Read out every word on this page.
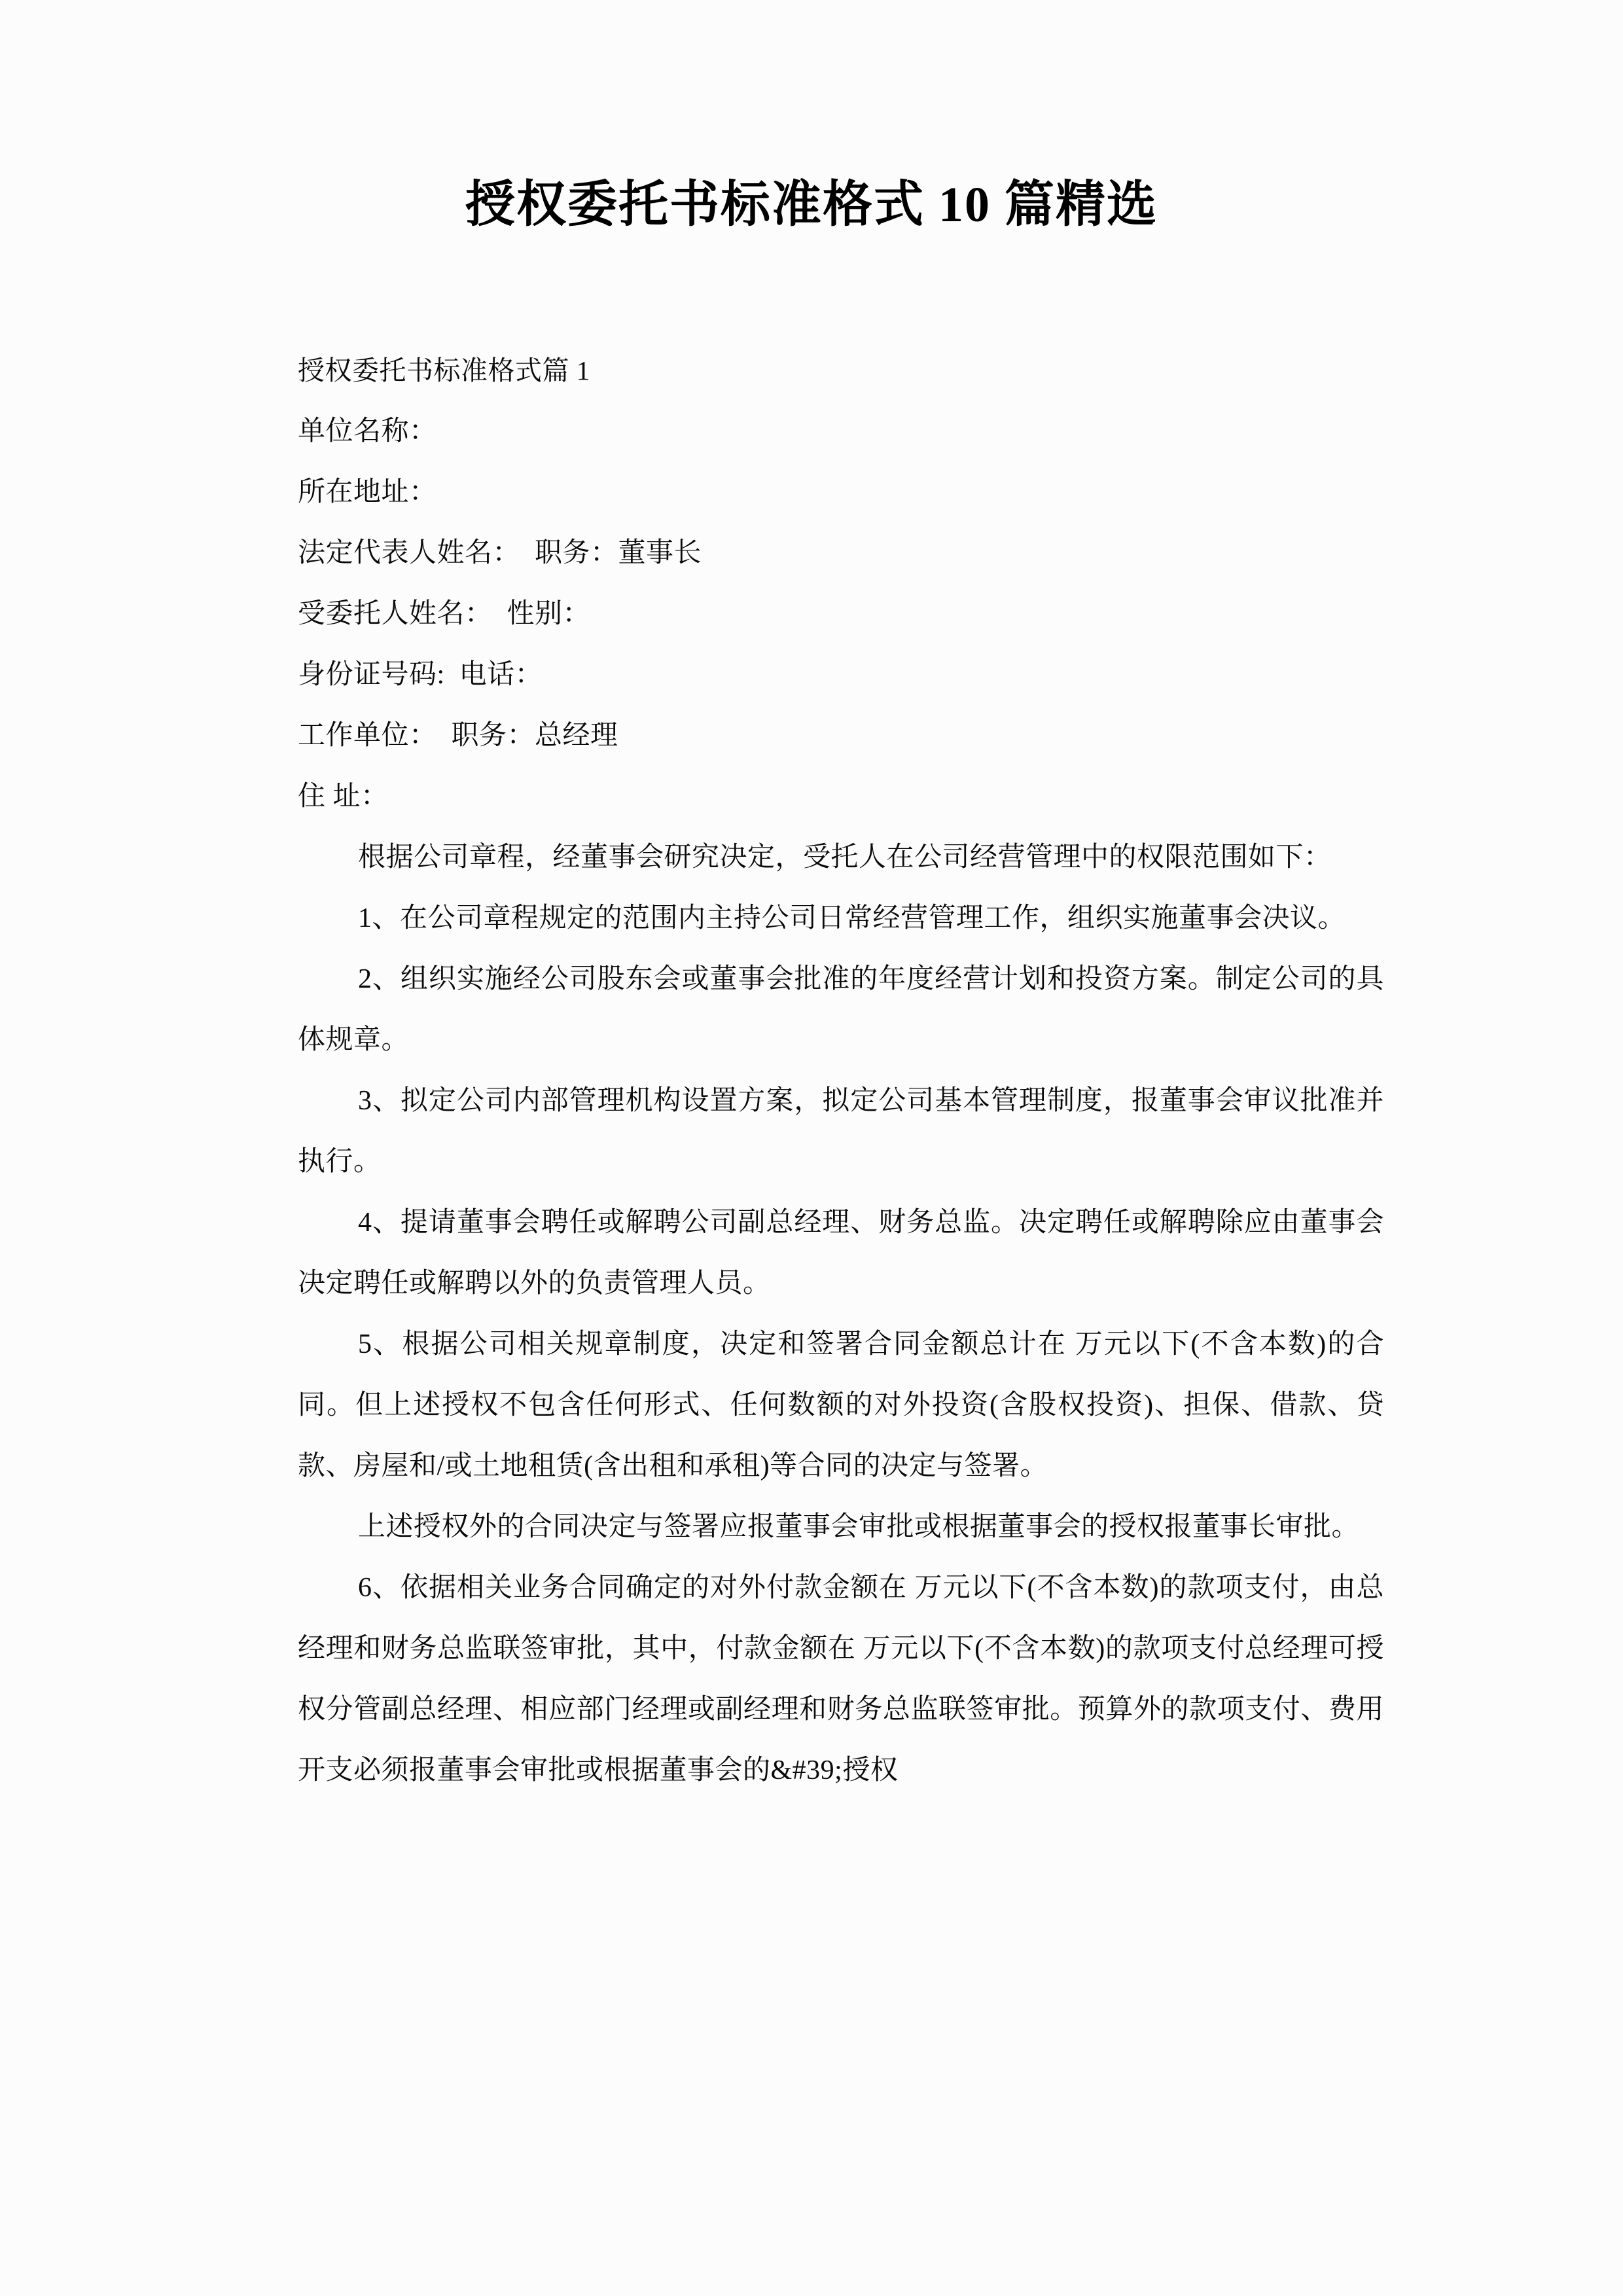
授权委托书标准格式 10 篇精选

授权委托书标准格式篇 1

单位名称：

所在地址：

法定代表人姓名：  职务：董事长

受委托人姓名：  性别：

身份证号码:  电话：

工作单位：  职务：总经理

住 址：

根据公司章程，经董事会研究决定，受托人在公司经营管理中的权限范围如下：

1、在公司章程规定的范围内主持公司日常经营管理工作，组织实施董事会决议。

2、组织实施经公司股东会或董事会批准的年度经营计划和投资方案。制定公司的具体规章。

3、拟定公司内部管理机构设置方案，拟定公司基本管理制度，报董事会审议批准并执行。

4、提请董事会聘任或解聘公司副总经理、财务总监。决定聘任或解聘除应由董事会决定聘任或解聘以外的负责管理人员。

5、根据公司相关规章制度，决定和签署合同金额总计在 万元以下(不含本数)的合同。但上述授权不包含任何形式、任何数额的对外投资(含股权投资)、担保、借款、贷款、房屋和/或土地租赁(含出租和承租)等合同的决定与签署。

上述授权外的合同决定与签署应报董事会审批或根据董事会的授权报董事长审批。

6、依据相关业务合同确定的对外付款金额在 万元以下(不含本数)的款项支付，由总经理和财务总监联签审批，其中，付款金额在 万元以下(不含本数)的款项支付总经理可授权分管副总经理、相应部门经理或副经理和财务总监联签审批。预算外的款项支付、费用开支必须报董事会审批或根据董事会的&#39;授权
